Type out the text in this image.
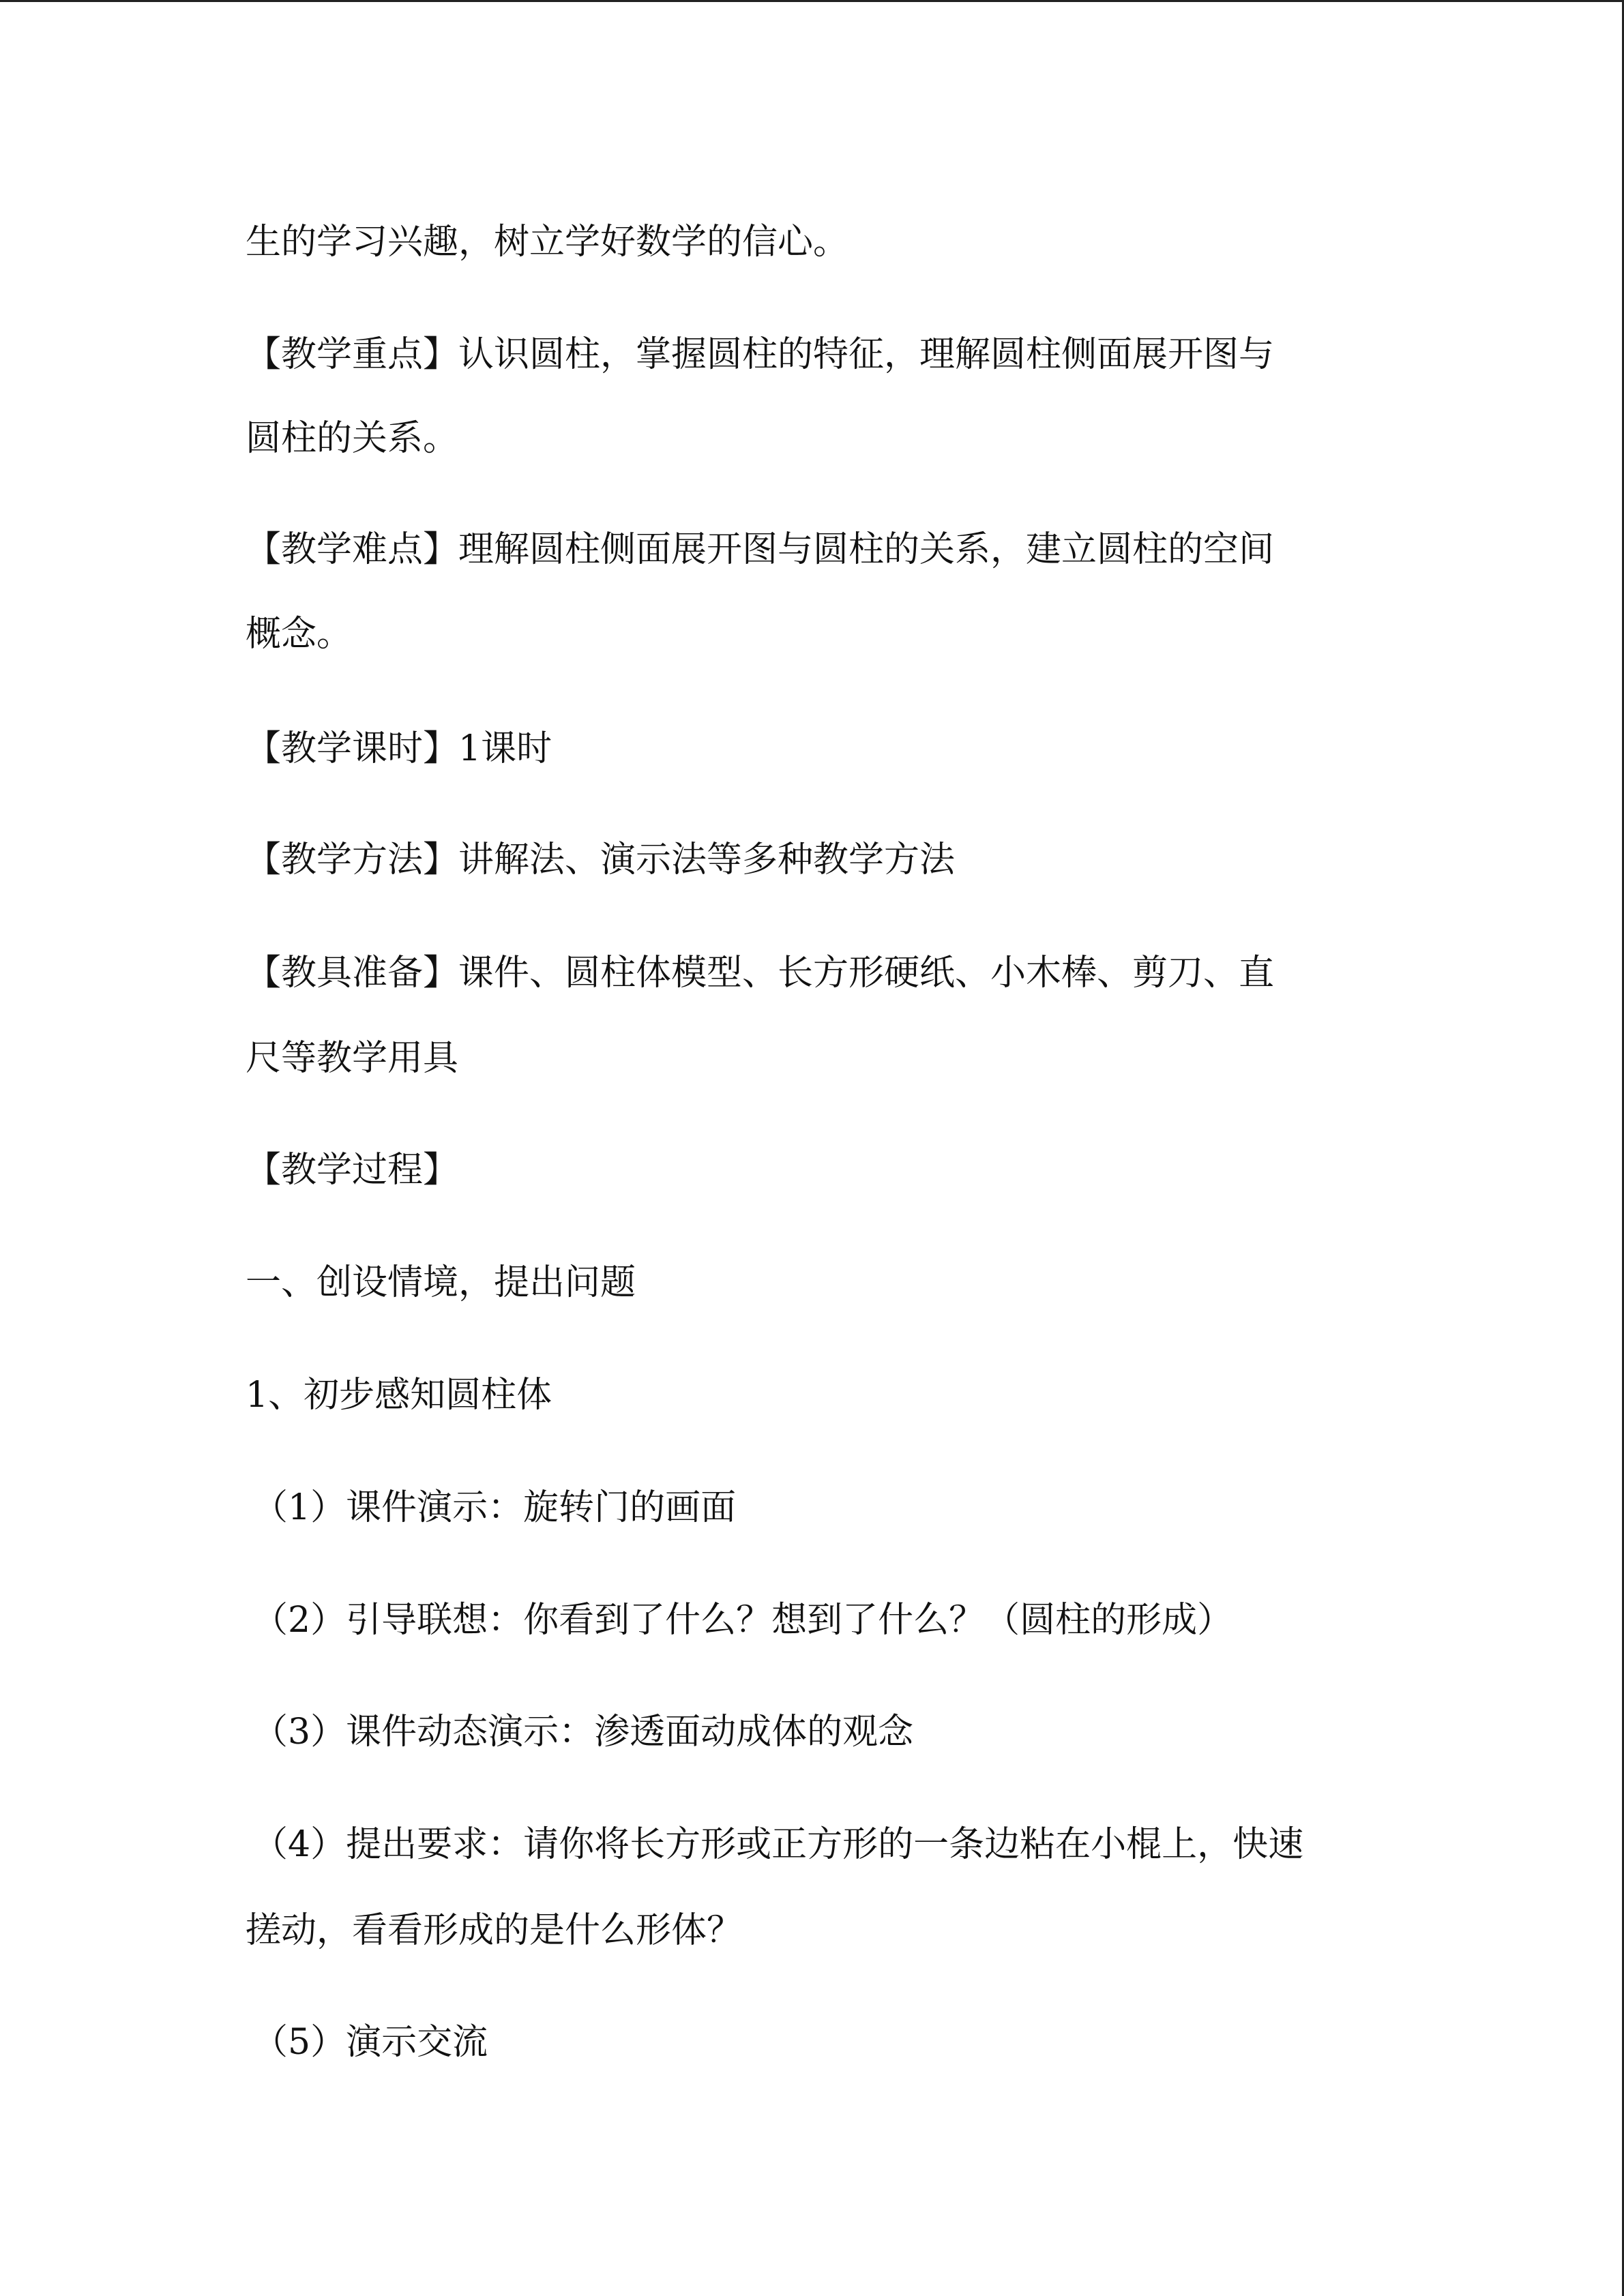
生的学习兴趣，树立学好数学的信心。

【教学重点】认识圆柱，掌握圆柱的特征，理解圆柱侧面展开图与

圆柱的关系。

【教学难点】理解圆柱侧面展开图与圆柱的关系，建立圆柱的空间

概念。

【教学课时】1课时

【教学方法】讲解法、演示法等多种教学方法

【教具准备】课件、圆柱体模型、长方形硬纸、小木棒、剪刀、直

尺等教学用具

【教学过程】

一、创设情境，提出问题

1、初步感知圆柱体

（1）课件演示：旋转门的画面

（2）引导联想：你看到了什么？想到了什么？（圆柱的形成）

（3）课件动态演示：渗透面动成体的观念

（4）提出要求：请你将长方形或正方形的一条边粘在小棍上，快速

搓动，看看形成的是什么形体？

（5）演示交流
